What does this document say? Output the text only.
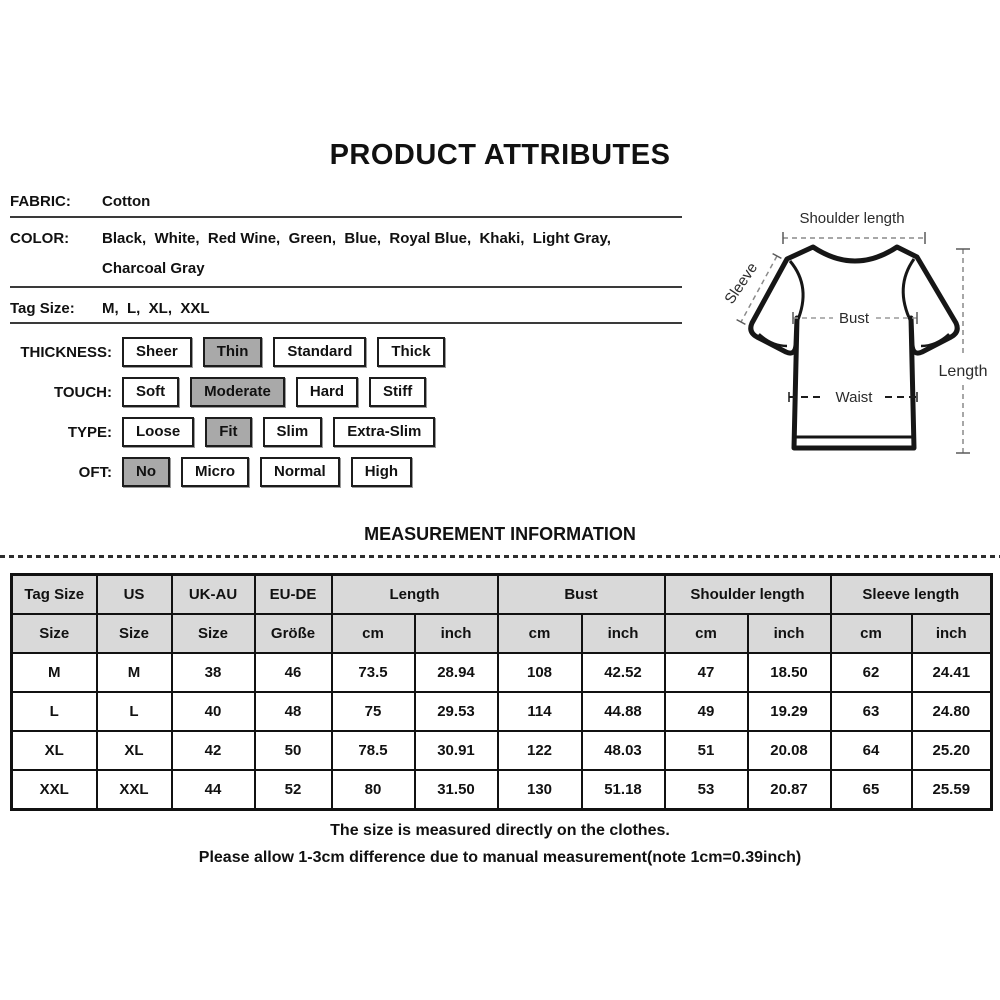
PRODUCT ATTRIBUTES
FABRIC:	Cotton
COLOR:	Black,  White,  Red Wine,  Green,  Blue,  Royal Blue,  Khaki,  Light Gray,  Charcoal Gray
Tag Size:	M,  L,  XL,  XXL
THICKNESS:	Sheer	Thin	Standard	Thick
TOUCH:	Soft	Moderate	Hard	Stiff
TYPE:	Loose	Fit	Slim	Extra-Slim
OFT:	No	Micro	Normal	High
Shoulder length
Sleeve
Bust
Waist
Length
MEASUREMENT INFORMATION
Tag Size	US	UK-AU	EU-DE	Length		Bust		Shoulder length		Sleeve length	
Size	Size	Size	Größe	cm	inch	cm	inch	cm	inch	cm	inch
M	M	38	46	73.5	28.94	108	42.52	47	18.50	62	24.41
L	L	40	48	75	29.53	114	44.88	49	19.29	63	24.80
XL	XL	42	50	78.5	30.91	122	48.03	51	20.08	64	25.20
XXL	XXL	44	52	80	31.50	130	51.18	53	20.87	65	25.59
The size is measured directly on the clothes.
Please allow 1-3cm difference due to manual measurement(note 1cm=0.39inch)
